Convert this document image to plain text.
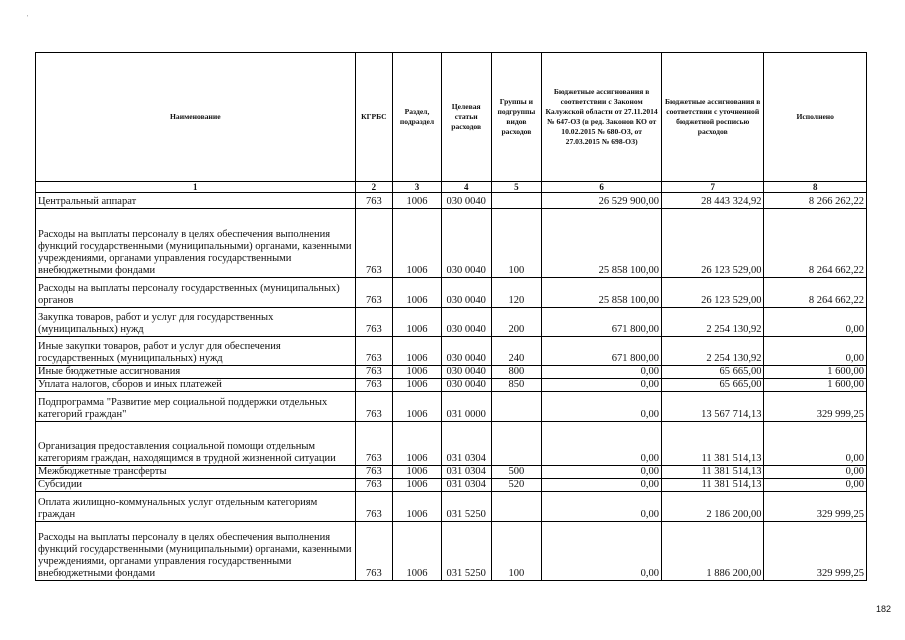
'
Наименование	КГРБС	Раздел, подраздел	Целевая статьи расходов	Группы и подгруппы видов расходов	Бюджетные ассигнования в соответствии с Законом Калужской области от 27.11.2014 № 647-ОЗ (в ред. Законов КО от 10.02.2015 № 680-ОЗ, от 27.03.2015 № 698-ОЗ)	Бюджетные ассигнования в соответствии с уточненной бюджетной росписью расходов	Исполнено
1	2	3	4	5	6	7	8
Центральный аппарат	763	1006	030 0040		26 529 900,00	28 443 324,92	8 266 262,22
Расходы на выплаты персоналу в целях обеспечения выполнения функций государственными (муниципальными) органами, казенными учреждениями, органами управления государственными внебюджетными фондами	763	1006	030 0040	100	25 858 100,00	26 123 529,00	8 264 662,22
Расходы на выплаты персоналу государственных (муниципальных) органов	763	1006	030 0040	120	25 858 100,00	26 123 529,00	8 264 662,22
Закупка товаров, работ и услуг для государственных (муниципальных) нужд	763	1006	030 0040	200	671 800,00	2 254 130,92	0,00
Иные закупки товаров, работ и услуг для обеспечения государственных (муниципальных) нужд	763	1006	030 0040	240	671 800,00	2 254 130,92	0,00
Иные бюджетные ассигнования	763	1006	030 0040	800	0,00	65 665,00	1 600,00
Уплата налогов, сборов и иных платежей	763	1006	030 0040	850	0,00	65 665,00	1 600,00
Подпрограмма "Развитие мер социальной поддержки отдельных категорий граждан"	763	1006	031 0000		0,00	13 567 714,13	329 999,25
Организация предоставления социальной помощи отдельным категориям граждан, находящимся в трудной жизненной ситуации	763	1006	031 0304		0,00	11 381 514,13	0,00
Межбюджетные трансферты	763	1006	031 0304	500	0,00	11 381 514,13	0,00
Субсидии	763	1006	031 0304	520	0,00	11 381 514,13	0,00
Оплата жилищно-коммунальных услуг отдельным категориям граждан	763	1006	031 5250		0,00	2 186 200,00	329 999,25
Расходы на выплаты персоналу в целях обеспечения выполнения функций государственными (муниципальными) органами, казенными учреждениями, органами управления государственными внебюджетными фондами	763	1006	031 5250	100	0,00	1 886 200,00	329 999,25
182
